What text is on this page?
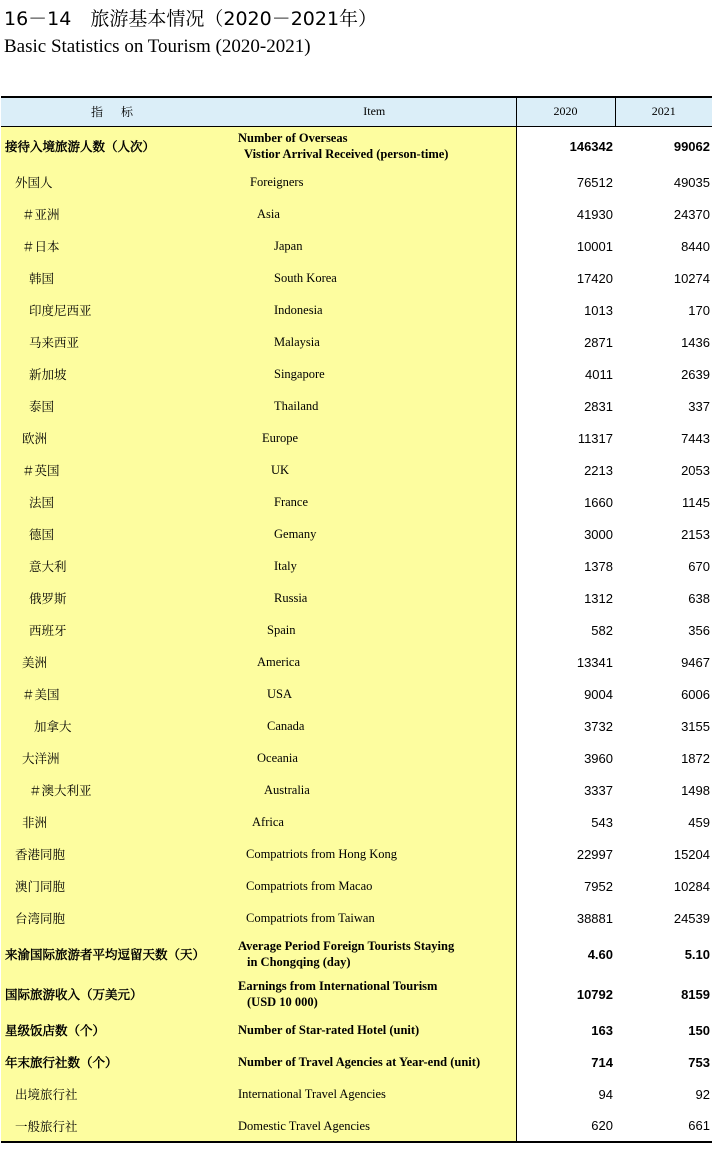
16－14　旅游基本情况（2020－2021年）
Basic Statistics on Tourism (2020-2021)
指标	Item	2020	2021
接待入境旅游人数（人次）	Number of Overseas
Vistior Arrival Received (person-time)	146342	99062
外国人	Foreigners	76512	49035
＃亚洲	Asia	41930	24370
＃日本	Japan	10001	8440
韩国	South Korea	17420	10274
印度尼西亚	Indonesia	1013	170
马来西亚	Malaysia	2871	1436
新加坡	Singapore	4011	2639
泰国	Thailand	2831	337
欧洲	Europe	11317	7443
＃英国	UK	2213	2053
法国	France	1660	1145
德国	Gemany	3000	2153
意大利	Italy	1378	670
俄罗斯	Russia	1312	638
西班牙	Spain	582	356
美洲	America	13341	9467
＃美国	USA	9004	6006
加拿大	Canada	3732	3155
大洋洲	Oceania	3960	1872
＃澳大利亚	Australia	3337	1498
非洲	Africa	543	459
香港同胞	Compatriots from Hong Kong	22997	15204
澳门同胞	Compatriots from Macao	7952	10284
台湾同胞	Compatriots from Taiwan	38881	24539
来渝国际旅游者平均逗留天数（天）	Average Period Foreign Tourists Staying
in Chongqing (day)	4.60	5.10
国际旅游收入（万美元）	Earnings from International Tourism
(USD 10 000)	10792	8159
星级饭店数（个）	Number of Star-rated Hotel (unit)	163	150
年末旅行社数（个）	Number of Travel Agencies at Year-end (unit)	714	753
出境旅行社	International Travel Agencies	94	92
一般旅行社	Domestic Travel Agencies	620	661
